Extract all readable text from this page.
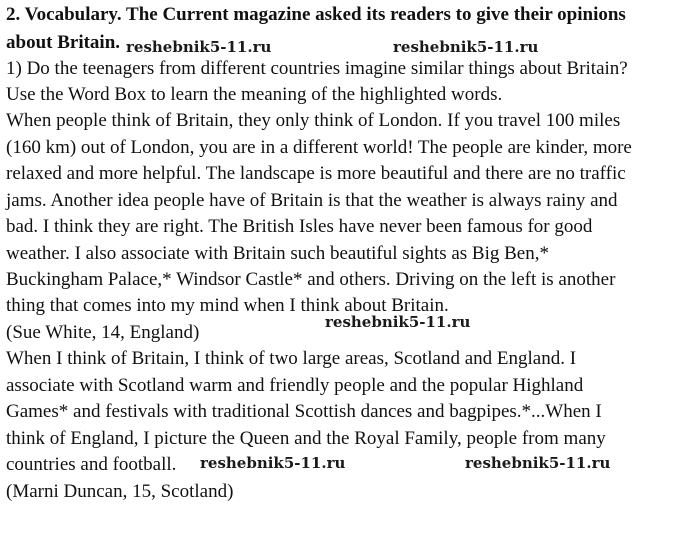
2. Vocabulary. The Current magazine asked its readers to give their opinions
about Britain.
1) Do the teenagers from different countries imagine similar things about Britain?
Use the Word Box to learn the meaning of the highlighted words.
When people think of Britain, they only think of London. If you travel 100 miles
(160 km) out of London, you are in a different world! The people are kinder, more
relaxed and more helpful. The landscape is more beautiful and there are no traffic
jams. Another idea people have of Britain is that the weather is always rainy and
bad. I think they are right. The British Isles have never been famous for good
weather. I also associate with Britain such beautiful sights as Big Ben,*
Buckingham Palace,* Windsor Castle* and others. Driving on the left is another
thing that comes into my mind when I think about Britain.
(Sue White, 14, England)
When I think of Britain, I think of two large areas, Scotland and England. I
associate with Scotland warm and friendly people and the popular Highland
Games* and festivals with traditional Scottish dances and bagpipes.*...When I
think of England, I picture the Queen and the Royal Family, people from many
countries and football.
(Marni Duncan, 15, Scotland)
reshebnik5-11.ru	reshebnik5-11.ru
reshebnik5-11.ru
reshebnik5-11.ru	reshebnik5-11.ru
